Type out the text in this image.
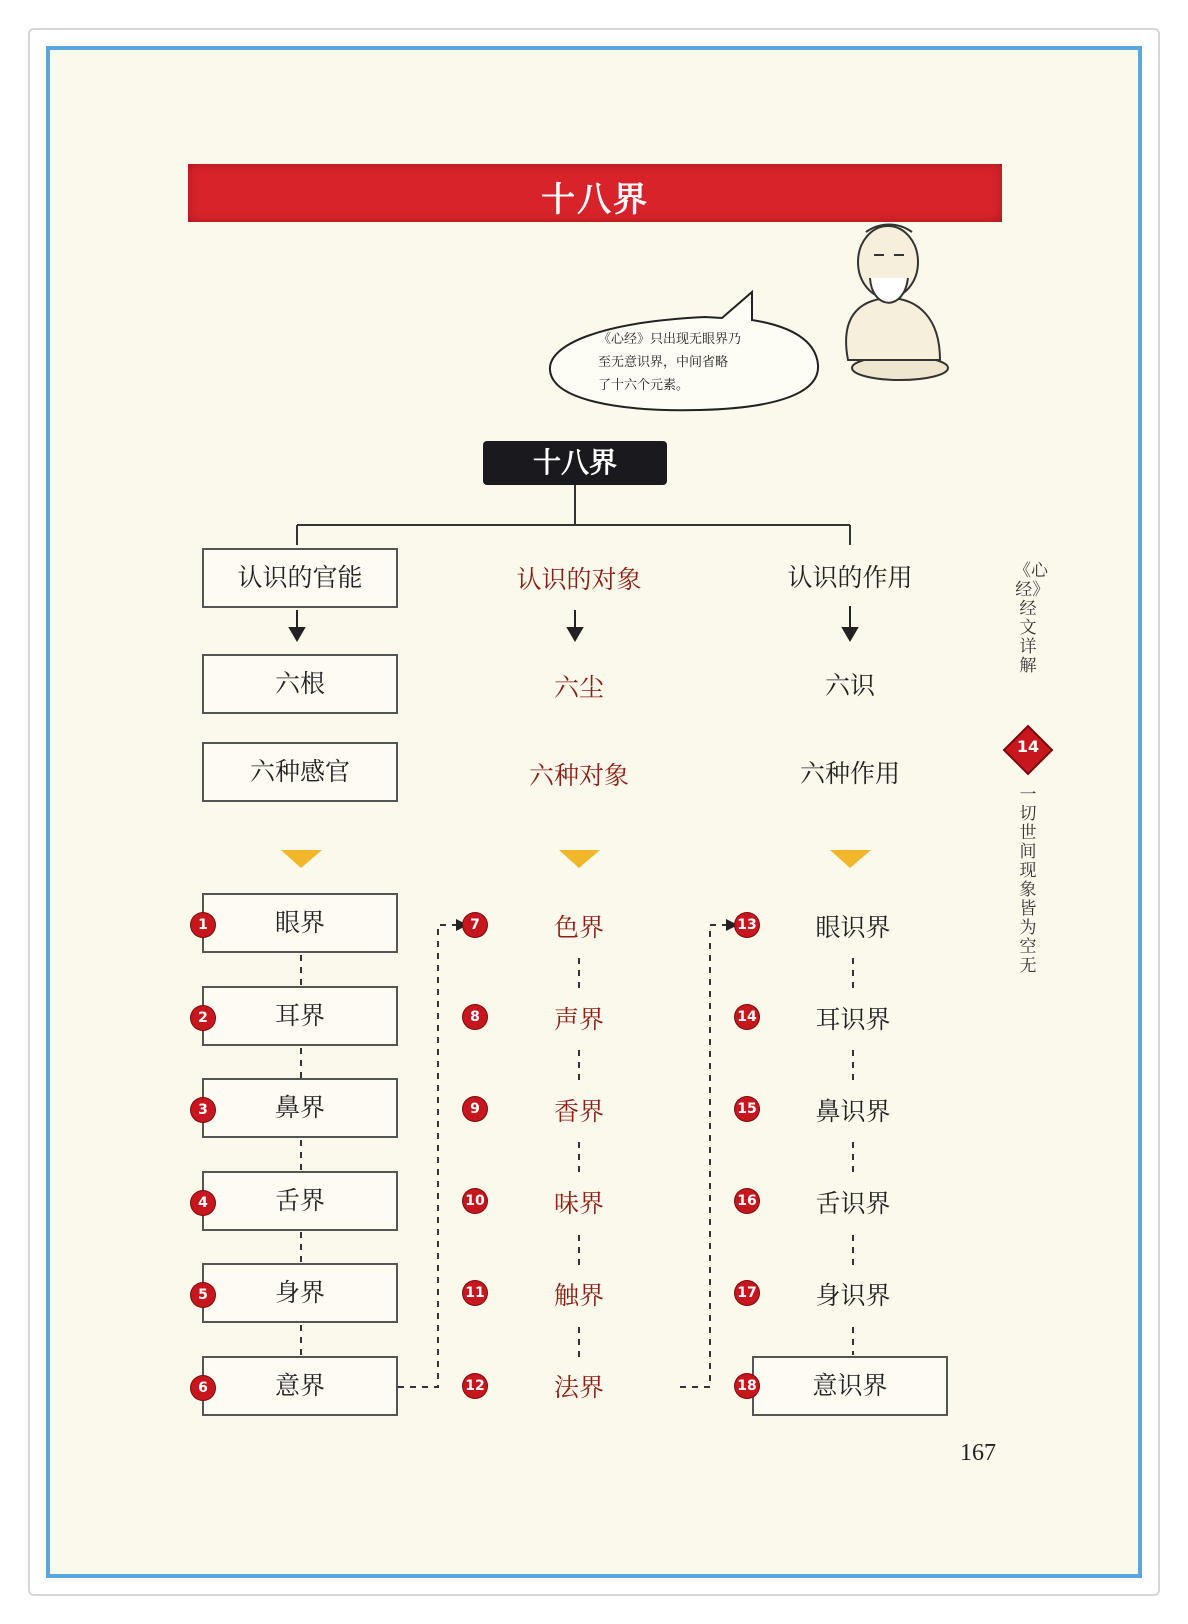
十八界
《心经》只出现无眼界乃
至无意识界，中间省略
了十六个元素。
十八界
认识的官能
六根
六种感官
认识的对象
六尘
六种对象
认识的作用
六识
六种作用
眼界
耳界
鼻界
舌界
身界
意界
色界
声界
香界
味界
触界
法界
眼识界
耳识界
鼻识界
舌识界
身识界
意识界
1
2
3
4
5
6
7
8
9
10
11
12
13
14
15
16
17
18
《心经》经文详解
14
一切世间现象皆为空无
167
